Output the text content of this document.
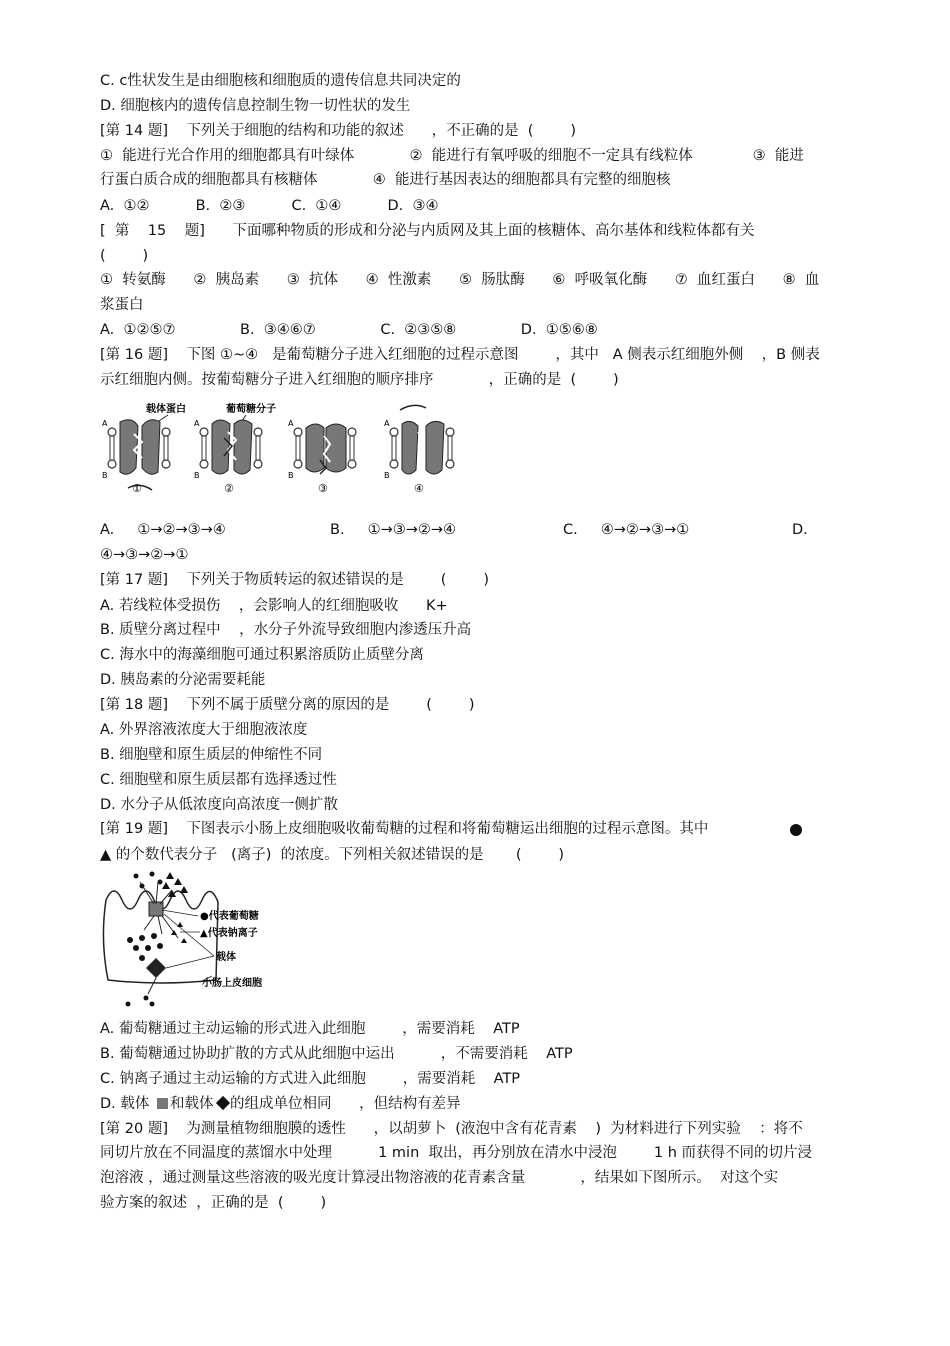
C. c性状发生是由细胞核和细胞质的遗传信息共同决定的
D. 细胞核内的遗传信息控制生物一切性状的发生
[第 14 题]    下列关于细胞的结构和功能的叙述      ，不正确的是  (        )
①  能进行光合作用的细胞都具有叶绿体            ②  能进行有氧呼吸的细胞不一定具有线粒体             ③  能进
行蛋白质合成的细胞都具有核糖体            ④  能进行基因表达的细胞都具有完整的细胞核
A.  ①②          B.  ②③          C.  ①④          D.  ③④
[  第    15    题]      下面哪种物质的形成和分泌与内质网及其上面的核糖体、高尔基体和线粒体都有关
(        )
①  转氨酶      ②  胰岛素      ③  抗体      ④  性激素      ⑤  肠肽酶      ⑥  呼吸氧化酶      ⑦  血红蛋白      ⑧  血
浆蛋白
A.  ①②⑤⑦              B.  ③④⑥⑦              C.  ②③⑤⑧              D.  ①⑤⑥⑧
[第 16 题]    下图 ①~④   是葡萄糖分子进入红细胞的过程示意图        ，其中   A 侧表示红细胞外侧    ，B 侧表
示红细胞内侧。按葡萄糖分子进入红细胞的顺序排序            ，正确的是  (        )
载体蛋白	葡萄糖分子
A
B
①
A
B
②
A
B
③
A
B
④
A.     ①→②→③→④	B.     ①→③→②→④	C.     ④→②→③→①	D.
④→③→②→①
[第 17 题]    下列关于物质转运的叙述错误的是        (        )
A. 若线粒体受损伤    ，会影响人的红细胞吸收      K+
B. 质壁分离过程中    ，水分子外流导致细胞内渗透压升高
C. 海水中的海藻细胞可通过积累溶质防止质壁分离
D. 胰岛素的分泌需要耗能
[第 18 题]    下列不属于质壁分离的原因的是        (        )
A. 外界溶液浓度大于细胞液浓度
B. 细胞壁和原生质层的伸缩性不同
C. 细胞壁和原生质层都有选择透过性
D. 水分子从低浓度向高浓度一侧扩散
[第 19 题]    下图表示小肠上皮细胞吸收葡萄糖的过程和将葡萄糖运出细胞的过程示意图。其中
▲ 的个数代表分子   (离子)  的浓度。下列相关叙述错误的是       (        )
●代表葡萄糖
▲代表钠离子
载体
小肠上皮细胞
A. 葡萄糖通过主动运输的形式进入此细胞        ，需要消耗    ATP
B. 葡萄糖通过协助扩散的方式从此细胞中运出          ，不需要消耗    ATP
C. 钠离子通过主动运输的方式进入此细胞        ，需要消耗    ATP
D. 载体 和载体 的组成单位相同      ，但结构有差异
[第 20 题]    为测量植物细胞膜的透性      ，以胡萝卜  (液泡中含有花青素    )  为材料进行下列实验    ：将不
同切片放在不同温度的蒸馏水中处理          1 min  取出，再分别放在清水中浸泡        1 h 而获得不同的切片浸
泡溶液 ，通过测量这些溶液的吸光度计算浸出物溶液的花青素含量            ，结果如下图所示。  对这个实
验方案的叙述  ，正确的是  (        )
